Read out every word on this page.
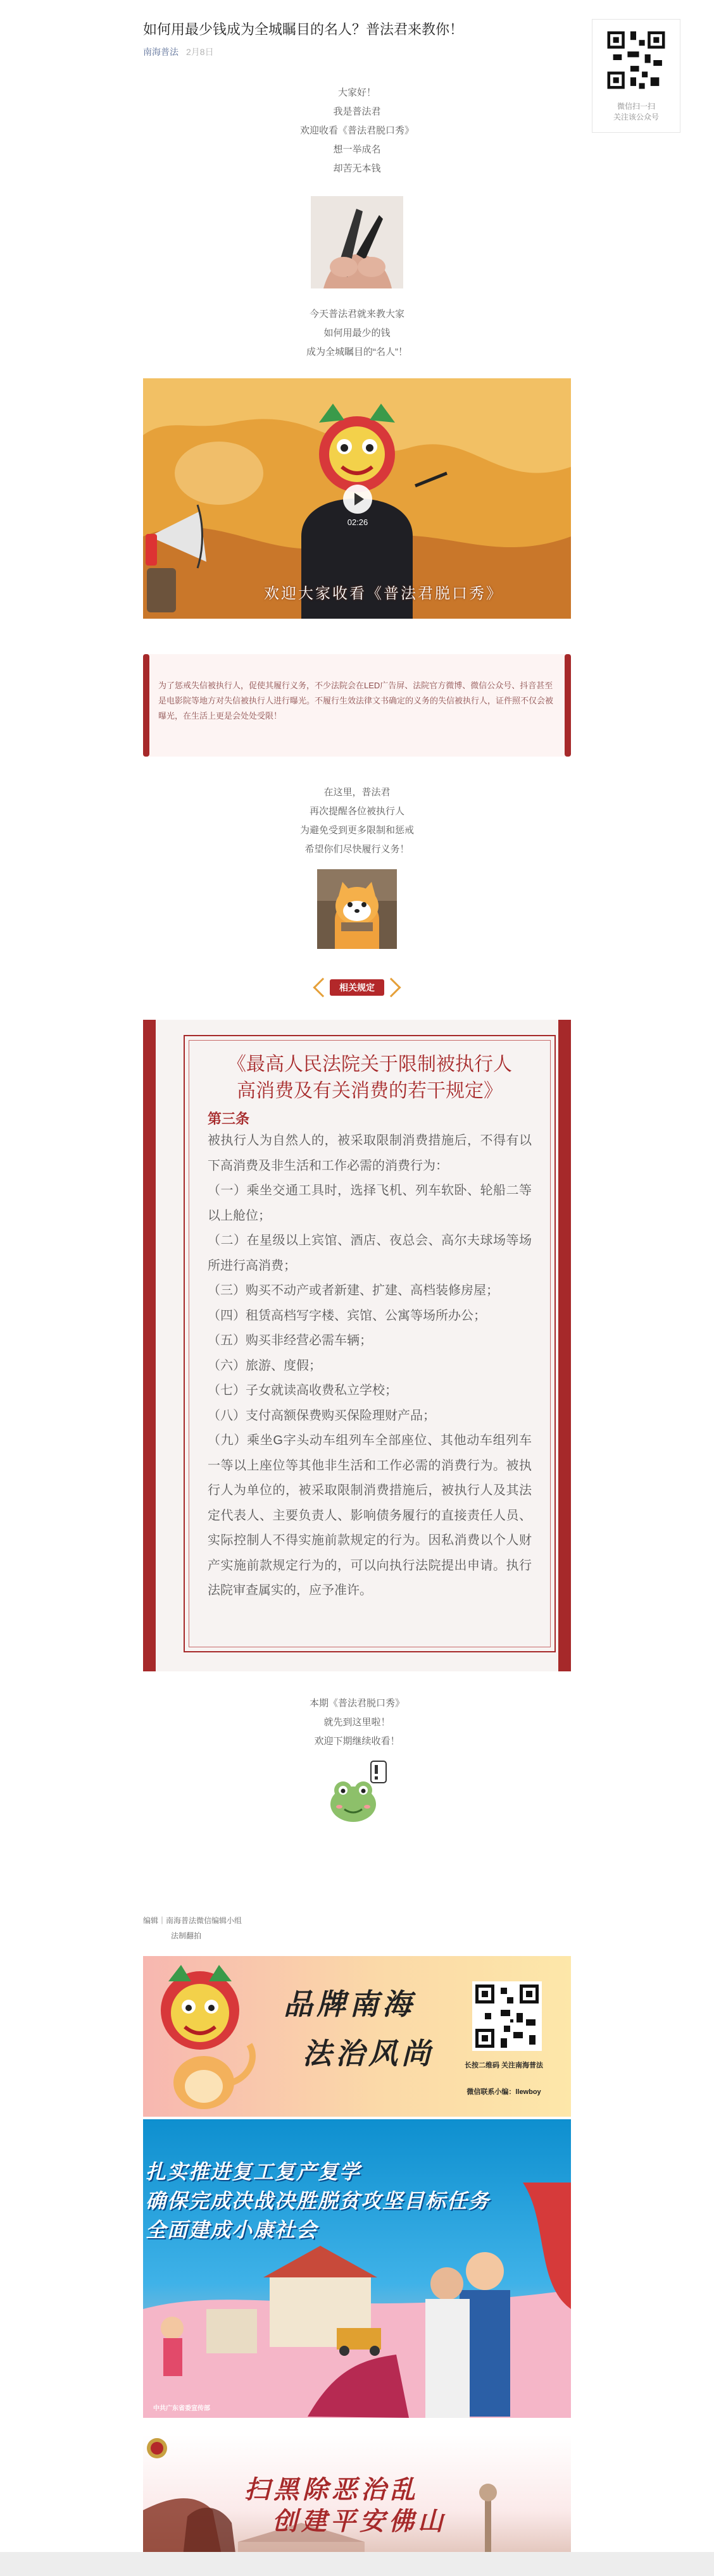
如何用最少钱成为全城瞩目的名人？普法君来教你！
南海普法 2月8日
大家好！
我是普法君
欢迎收看《普法君脱口秀》
想一举成名
却苦无本钱
今天普法君就来教大家
如何用最少的钱
成为全城瞩目的“名人”！
02:26
欢迎大家收看《普法君脱口秀》

为了惩戒失信被执行人，促使其履行义务，不少法院会在LED广告屏、法院官方微博、微信公众号、抖音甚至是电影院等地方对失信被执行人进行曝光。不履行生效法律文书确定的义务的失信被执行人，证件照不仅会被曝光，在生活上更是会处处受限！

在这里，普法君
再次提醒各位被执行人
为避免受到更多限制和惩戒
希望你们尽快履行义务！
相关规定
《最高人民法院关于限制被执行人
高消费及有关消费的若干规定》
第三条
被执行人为自然人的，被采取限制消费措施后，不得有以下高消费及非生活和工作必需的消费行为：
（一）乘坐交通工具时，选择飞机、列车软卧、轮船二等以上舱位；
（二）在星级以上宾馆、酒店、夜总会、高尔夫球场等场所进行高消费；
（三）购买不动产或者新建、扩建、高档装修房屋；
（四）租赁高档写字楼、宾馆、公寓等场所办公；
（五）购买非经营必需车辆；
（六）旅游、度假；
（七）子女就读高收费私立学校；
（八）支付高额保费购买保险理财产品；
（九）乘坐G字头动车组列车全部座位、其他动车组列车一等以上座位等其他非生活和工作必需的消费行为。被执行人为单位的，被采取限制消费措施后，被执行人及其法定代表人、主要负责人、影响债务履行的直接责任人员、实际控制人不得实施前款规定的行为。因私消费以个人财产实施前款规定行为的，可以向执行法院提出申请。执行法院审查属实的，应予准许。
本期《普法君脱口秀》
就先到这里啦！
欢迎下期继续收看！
编辑｜南海普法微信编辑小组
法制翻拍
品牌南海
法治风尚	长按二维码 关注南海普法
微信联系小编：llewboy
扎实推进复工复产复学
确保完成决战决胜脱贫攻坚目标任务
全面建成小康社会
中共广东省委宣传部
扫黑除恶治乱
创建平安佛山
微信扫一扫
关注该公众号
